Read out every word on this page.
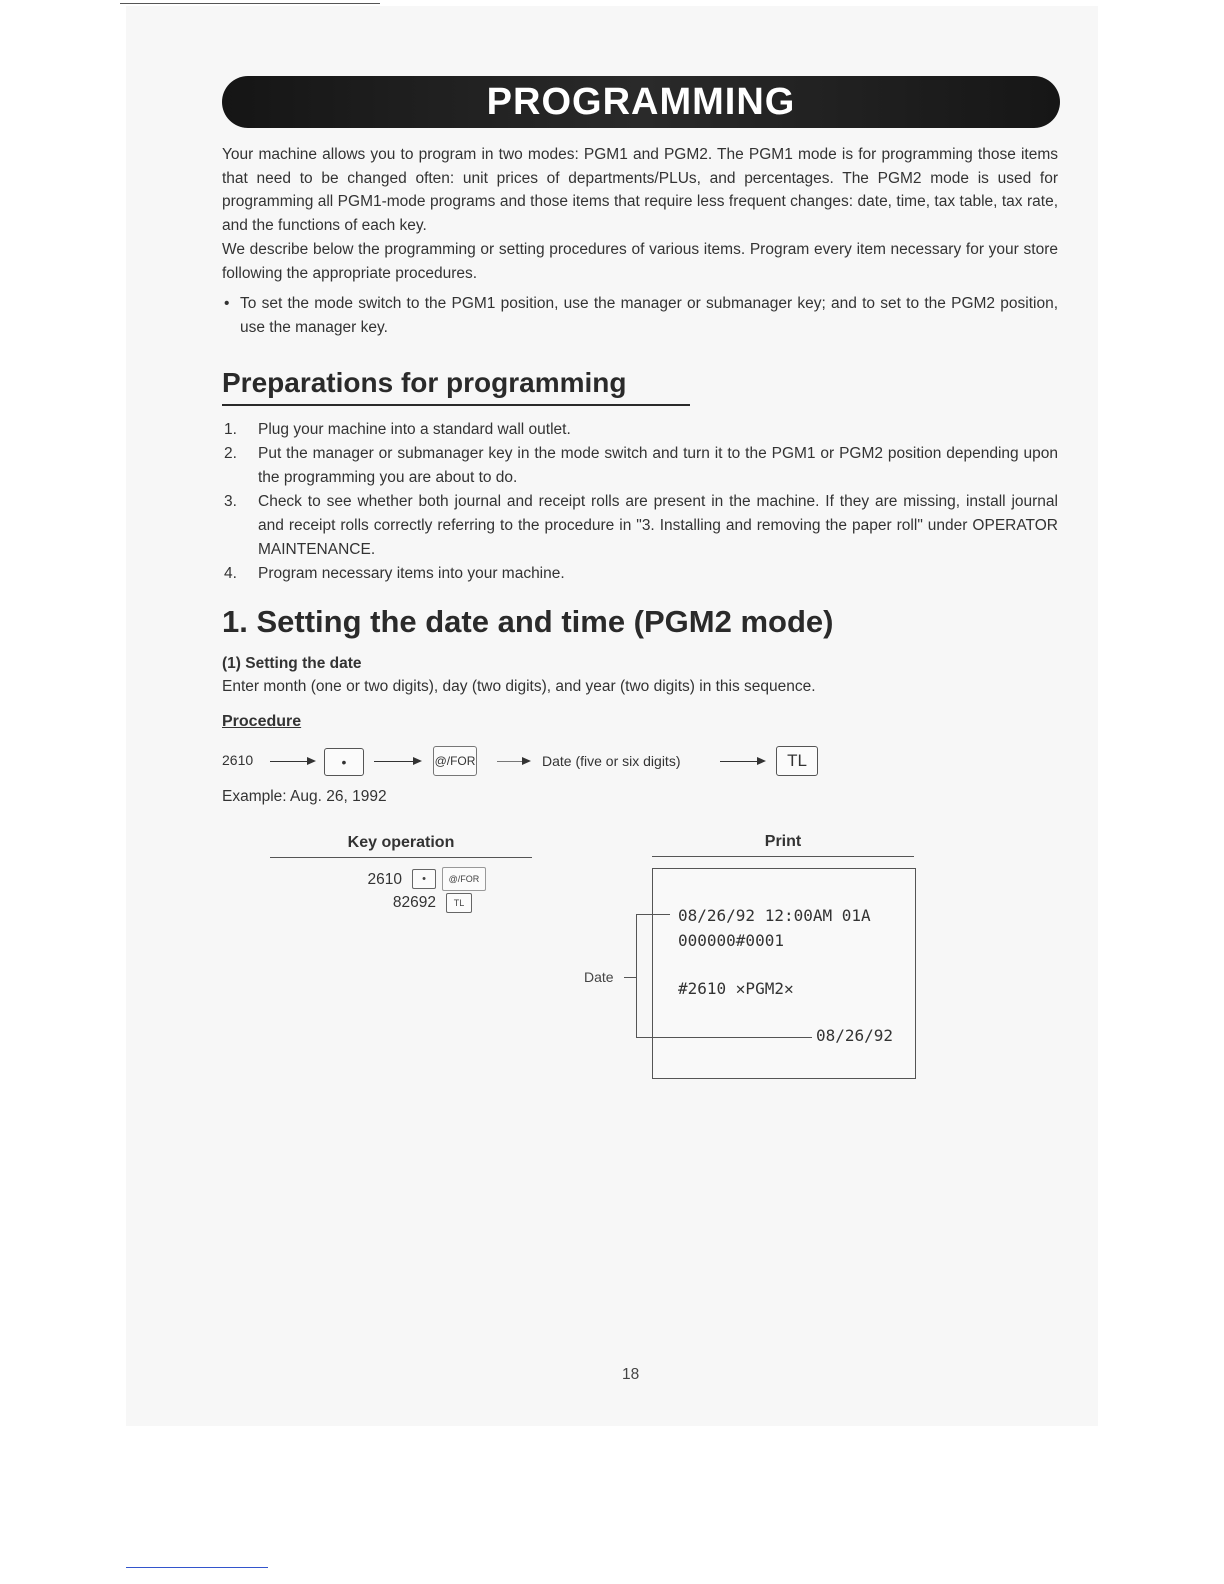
PROGRAMMING
Your machine allows you to program in two modes: PGM1 and PGM2. The PGM1 mode is for programming those items that need to be changed often: unit prices of departments/PLUs, and percentages. The PGM2 mode is used for programming all PGM1-mode programs and those items that require less frequent changes: date, time, tax table, tax rate, and the functions of each key.
We describe below the programming or setting procedures of various items. Program every item necessary for your store following the appropriate procedures.
• To set the mode switch to the PGM1 position, use the manager or submanager key; and to set to the PGM2 position, use the manager key.
Preparations for programming
1. Plug your machine into a standard wall outlet.
2. Put the manager or submanager key in the mode switch and turn it to the PGM1 or PGM2 position depending upon the programming you are about to do.
3. Check to see whether both journal and receipt rolls are present in the machine. If they are missing, install journal and receipt rolls correctly referring to the procedure in "3. Installing and removing the paper roll" under OPERATOR MAINTENANCE.
4. Program necessary items into your machine.
1. Setting the date and time (PGM2 mode)
(1) Setting the date
Enter month (one or two digits), day (two digits), and year (two digits) in this sequence.
Procedure
2610	•	@/FOR	Date (five or six digits)	TL
Example: Aug. 26, 1992
Key operation
2610	•	@/FOR
82692	TL
Print
08/26/92 12:00AM 01A
000000#0001
#2610 ✕PGM2✕
08/26/92
Date
18
